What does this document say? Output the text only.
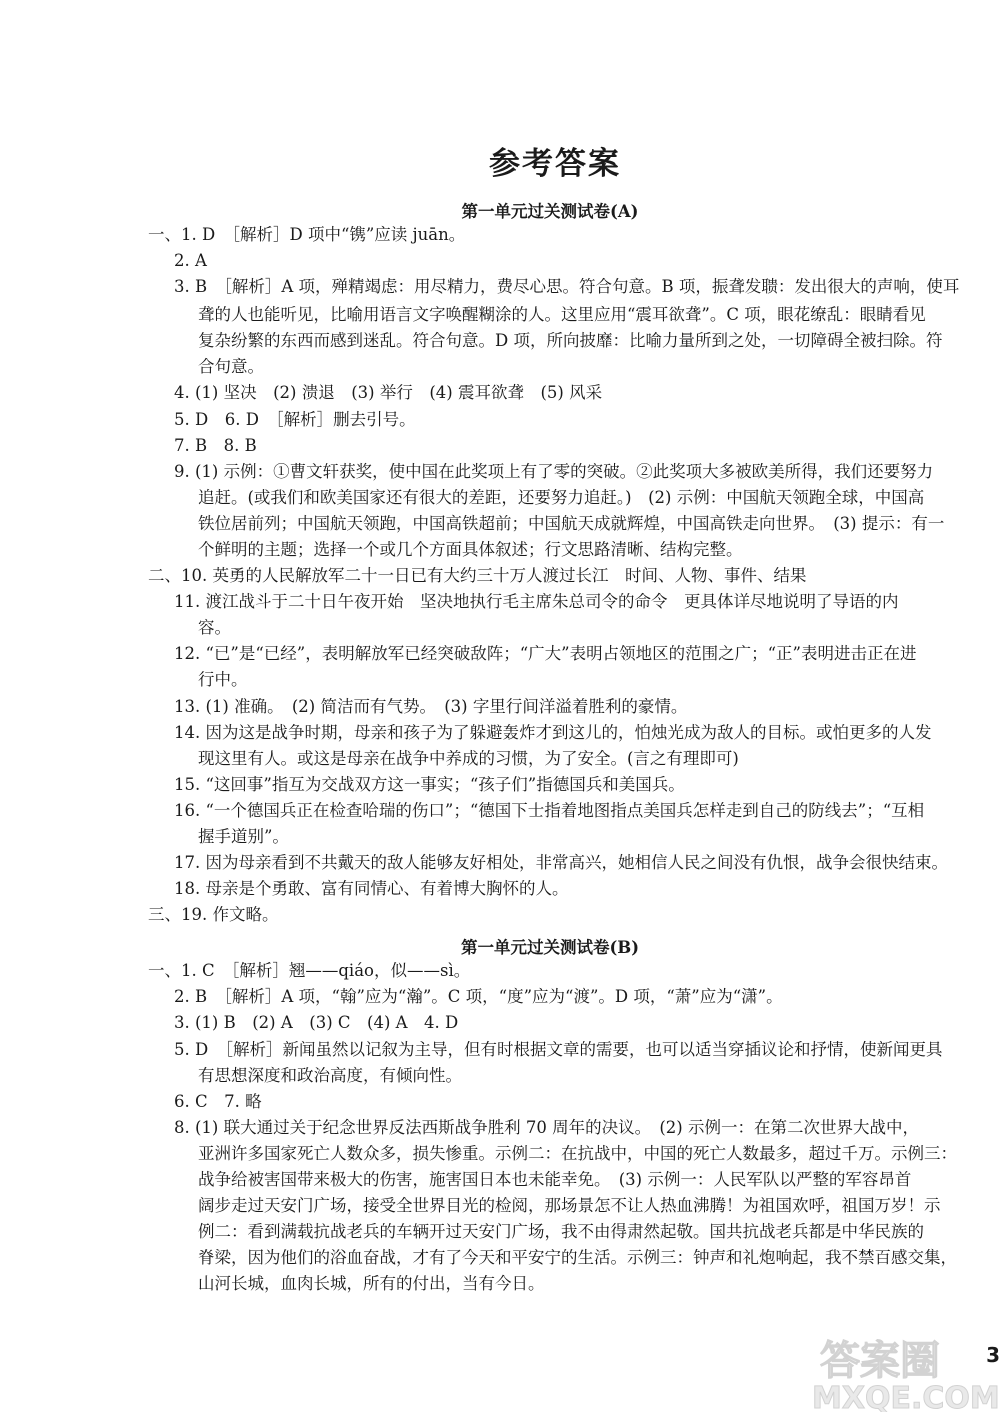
参考答案
第一单元过关测试卷(A)
一、1. D　［解析］D 项中“镌”应读 juān。
2. A
3. B　［解析］A 项，殚精竭虑：用尽精力，费尽心思。符合句意。B 项，振聋发聩：发出很大的声响，使耳
聋的人也能听见，比喻用语言文字唤醒糊涂的人。这里应用“震耳欲聋”。C 项，眼花缭乱：眼睛看见
复杂纷繁的东西而感到迷乱。符合句意。D 项，所向披靡：比喻力量所到之处，一切障碍全被扫除。符
合句意。
4. (1) 坚决　(2) 溃退　(3) 举行　(4) 震耳欲聋　(5) 风采
5. D　6. D　［解析］删去引号。
7. B　8. B
9. (1) 示例：①曹文轩获奖，使中国在此奖项上有了零的突破。②此奖项大多被欧美所得，我们还要努力
追赶。(或我们和欧美国家还有很大的差距，还要努力追赶。)　(2) 示例：中国航天领跑全球，中国高
铁位居前列；中国航天领跑，中国高铁超前；中国航天成就辉煌，中国高铁走向世界。　(3) 提示：有一
个鲜明的主题；选择一个或几个方面具体叙述；行文思路清晰、结构完整。
二、10. 英勇的人民解放军二十一日已有大约三十万人渡过长江　时间、人物、事件、结果
11. 渡江战斗于二十日午夜开始　坚决地执行毛主席朱总司令的命令　更具体详尽地说明了导语的内
容。
12. “已”是“已经”，表明解放军已经突破敌阵；“广大”表明占领地区的范围之广；“正”表明进击正在进
行中。
13. (1) 准确。　(2) 简洁而有气势。　(3) 字里行间洋溢着胜利的豪情。
14. 因为这是战争时期，母亲和孩子为了躲避轰炸才到这儿的，怕烛光成为敌人的目标。或怕更多的人发
现这里有人。或这是母亲在战争中养成的习惯，为了安全。(言之有理即可)
15. “这回事”指互为交战双方这一事实；“孩子们”指德国兵和美国兵。
16. “一个德国兵正在检查哈瑞的伤口”；“德国下士指着地图指点美国兵怎样走到自己的防线去”；“互相
握手道别”。
17. 因为母亲看到不共戴天的敌人能够友好相处，非常高兴，她相信人民之间没有仇恨，战争会很快结束。
18. 母亲是个勇敢、富有同情心、有着博大胸怀的人。
三、19. 作文略。
第一单元过关测试卷(B)
一、1. C　［解析］翘——qiáo，似——sì。
2. B　［解析］A 项，“翰”应为“瀚”。C 项，“度”应为“渡”。D 项，“萧”应为“潇”。
3. (1) B　(2) A　(3) C　(4) A　4. D
5. D　［解析］新闻虽然以记叙为主导，但有时根据文章的需要，也可以适当穿插议论和抒情，使新闻更具
有思想深度和政治高度，有倾向性。
6. C　7. 略
8. (1) 联大通过关于纪念世界反法西斯战争胜利 70 周年的决议。　(2) 示例一：在第二次世界大战中，
亚洲许多国家死亡人数众多，损失惨重。示例二：在抗战中，中国的死亡人数最多，超过千万。示例三：
战争给被害国带来极大的伤害，施害国日本也未能幸免。　(3) 示例一：人民军队以严整的军容昂首
阔步走过天安门广场，接受全世界目光的检阅，那场景怎不让人热血沸腾！为祖国欢呼，祖国万岁！示
例二：看到满载抗战老兵的车辆开过天安门广场，我不由得肃然起敬。国共抗战老兵都是中华民族的
脊梁，因为他们的浴血奋战，才有了今天和平安宁的生活。示例三：钟声和礼炮响起，我不禁百感交集，
山河长城，血肉长城，所有的付出，当有今日。
3
答案圈
MXQE.COM
